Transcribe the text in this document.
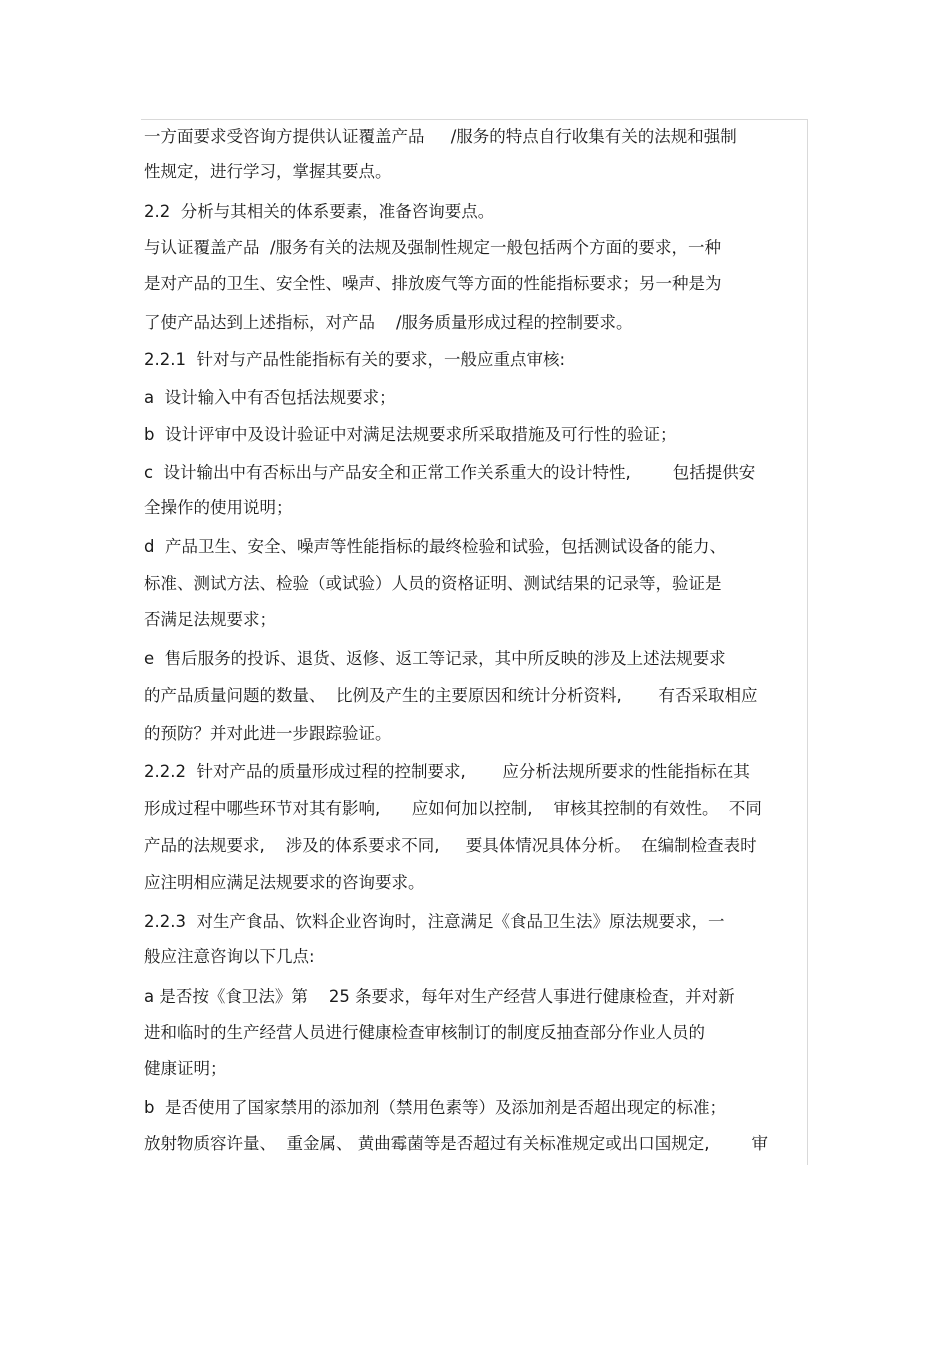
一方面要求受咨询方提供认证覆盖产品     /服务的特点自行收集有关的法规和强制
性规定，进行学习，掌握其要点。
2.2  分析与其相关的体系要素，准备咨询要点。
与认证覆盖产品  /服务有关的法规及强制性规定一般包括两个方面的要求，一种
是对产品的卫生、安全性、噪声、排放废气等方面的性能指标要求；另一种是为
了使产品达到上述指标，对产品    /服务质量形成过程的控制要求。
2.2.1  针对与产品性能指标有关的要求，一般应重点审核:
a  设计输入中有否包括法规要求；
b  设计评审中及设计验证中对满足法规要求所采取措施及可行性的验证；
c  设计输出中有否标出与产品安全和正常工作关系重大的设计特性,        包括提供安
全操作的使用说明；
d  产品卫生、安全、噪声等性能指标的最终检验和试验，包括测试设备的能力、
标准、测试方法、检验（或试验）人员的资格证明、测试结果的记录等，验证是
否满足法规要求；
e  售后服务的投诉、退货、返修、返工等记录，其中所反映的涉及上述法规要求
的产品质量问题的数量、  比例及产生的主要原因和统计分析资料,       有否采取相应
的预防？并对此进一步跟踪验证。
2.2.2  针对产品的质量形成过程的控制要求,       应分析法规所要求的性能指标在其
形成过程中哪些环节对其有影响,      应如何加以控制,    审核其控制的有效性。  不同
产品的法规要求,    涉及的体系要求不同,     要具体情况具体分析。  在编制检查表时
应注明相应满足法规要求的咨询要求。
2.2.3  对生产食品、饮料企业咨询时，注意满足《食品卫生法》原法规要求，一
般应注意咨询以下几点:
a 是否按《食卫法》第    25 条要求，每年对生产经营人事进行健康检查，并对新
进和临时的生产经营人员进行健康检查审核制订的制度反抽查部分作业人员的
健康证明；
b  是否使用了国家禁用的添加剂（禁用色素等）及添加剂是否超出现定的标准；
放射物质容许量、  重金属、 黄曲霉菌等是否超过有关标准规定或出口国规定,        审
